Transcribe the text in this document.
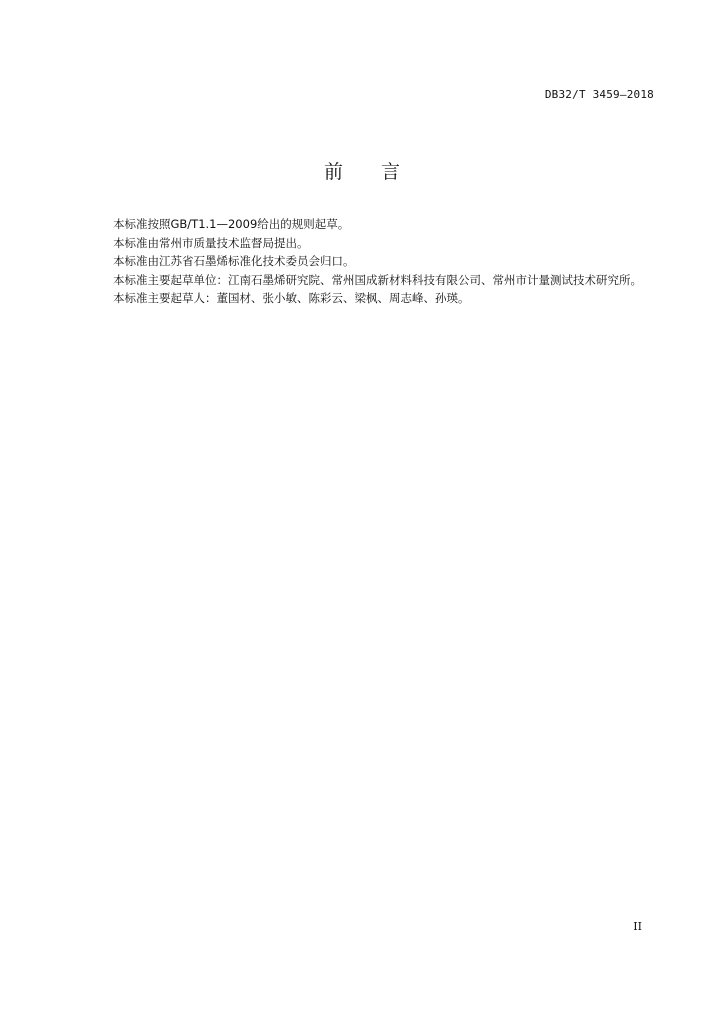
DB32/T 3459—2018
前　　言

本标准按照GB/T1.1—2009给出的规则起草。

本标准由常州市质量技术监督局提出。

本标准由江苏省石墨烯标准化技术委员会归口。

本标准主要起草单位：江南石墨烯研究院、常州国成新材料科技有限公司、常州市计量测试技术研究所。

本标准主要起草人：董国材、张小敏、陈彩云、梁枫、周志峰、孙瑛。

II
